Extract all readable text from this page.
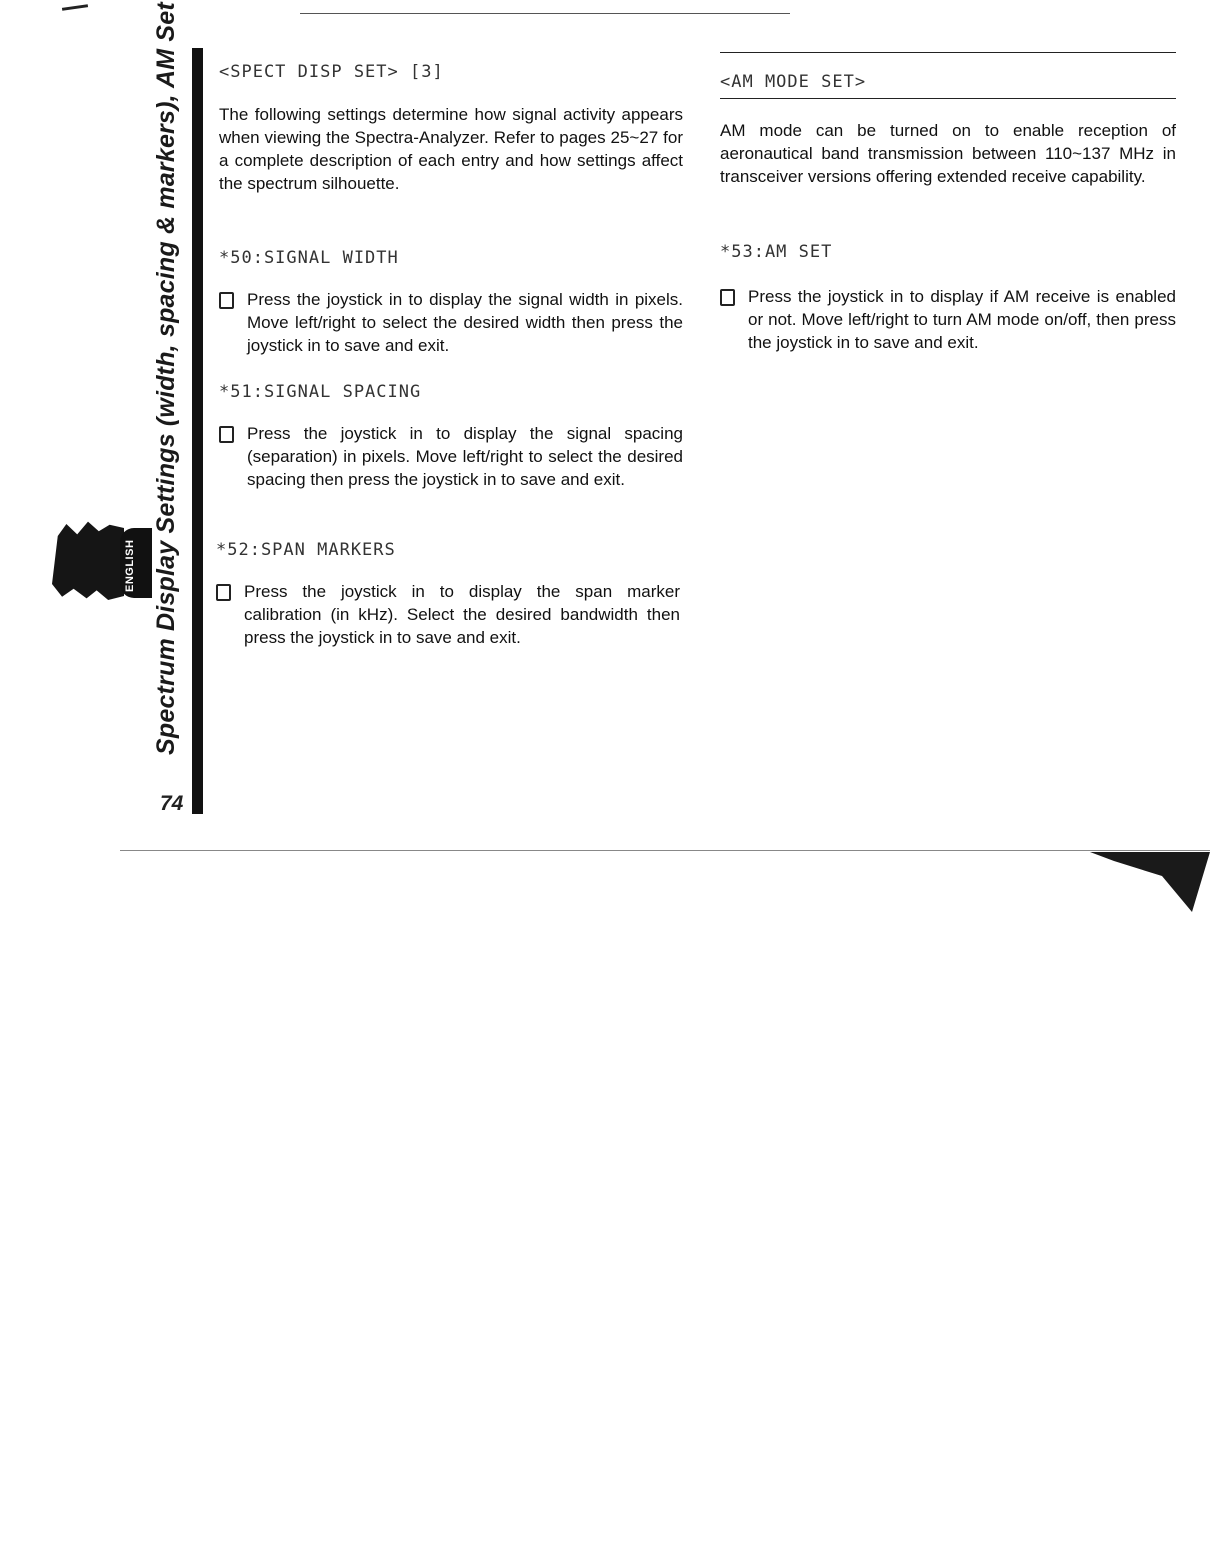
Spectrum Display Settings (width, spacing & markers), AM Set
ENGLISH
74
<SPECT DISP SET> [3]
The following settings determine how signal activity appears when viewing the Spectra-Analyzer. Refer to pages 25~27 for a complete description of each entry and how settings affect the spectrum silhouette.
*50:SIGNAL WIDTH
Press the joystick in to display the signal width in pixels. Move left/right to select the desired width then press the joystick in to save and exit.
*51:SIGNAL SPACING
Press the joystick in to display the signal spacing (separation) in pixels. Move left/right to select the desired spacing then press the joystick in to save and exit.
*52:SPAN MARKERS
Press the joystick in to display the span marker calibration (in kHz). Select the desired bandwidth then press the joystick in to save and exit.
<AM MODE SET>
AM mode can be turned on to enable reception of aeronautical band transmission between 110~137 MHz in transceiver versions offering extended receive capability.
*53:AM SET
Press the joystick in to display if AM receive is enabled or not. Move left/right to turn AM mode on/off, then press the joystick in to save and exit.
